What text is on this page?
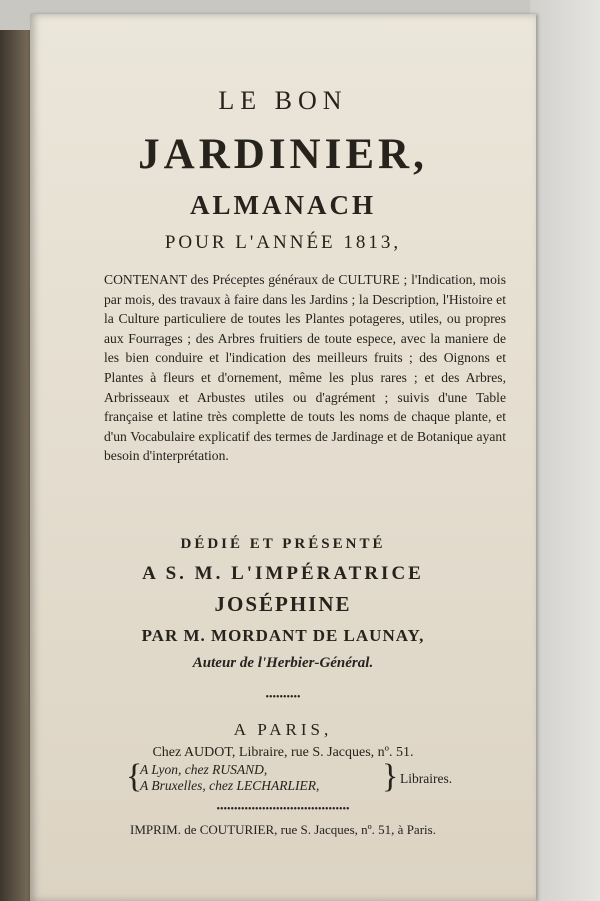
LE BON
JARDINIER,
ALMANACH
POUR L'ANNÉE 1813,
CONTENANT des Préceptes généraux de CULTURE ; l'Indication, mois par mois, des travaux à faire dans les Jardins ; la Description, l'Histoire et la Culture particuliere de toutes les Plantes potageres, utiles, ou propres aux Fourrages ; des Arbres fruitiers de toute espece, avec la maniere de les bien conduire et l'indication des meilleurs fruits ; des Oignons et Plantes à fleurs et d'ornement, même les plus rares ; et des Arbres, Arbrisseaux et Arbustes utiles ou d'agrément ; suivis d'une Table française et latine très complette de touts les noms de chaque plante, et d'un Vocabulaire explicatif des termes de Jardinage et de Botanique ayant besoin d'interprétation.
DÉDIÉ ET PRÉSENTÉ
A S. M. L'IMPÉRATRICE
JOSÉPHINE
PAR M. MORDANT DE LAUNAY,
Auteur de l'Herbier-Général.
••••••••••
A PARIS,
Chez AUDOT, Libraire, rue S. Jacques, nº. 51.
{
A Lyon, chez RUSAND,
A Bruxelles, chez LECHARLIER, } Libraires.
••••••••••••••••••••••••••••••••••••••
IMPRIM. de COUTURIER, rue S. Jacques, nº. 51, à Paris.
